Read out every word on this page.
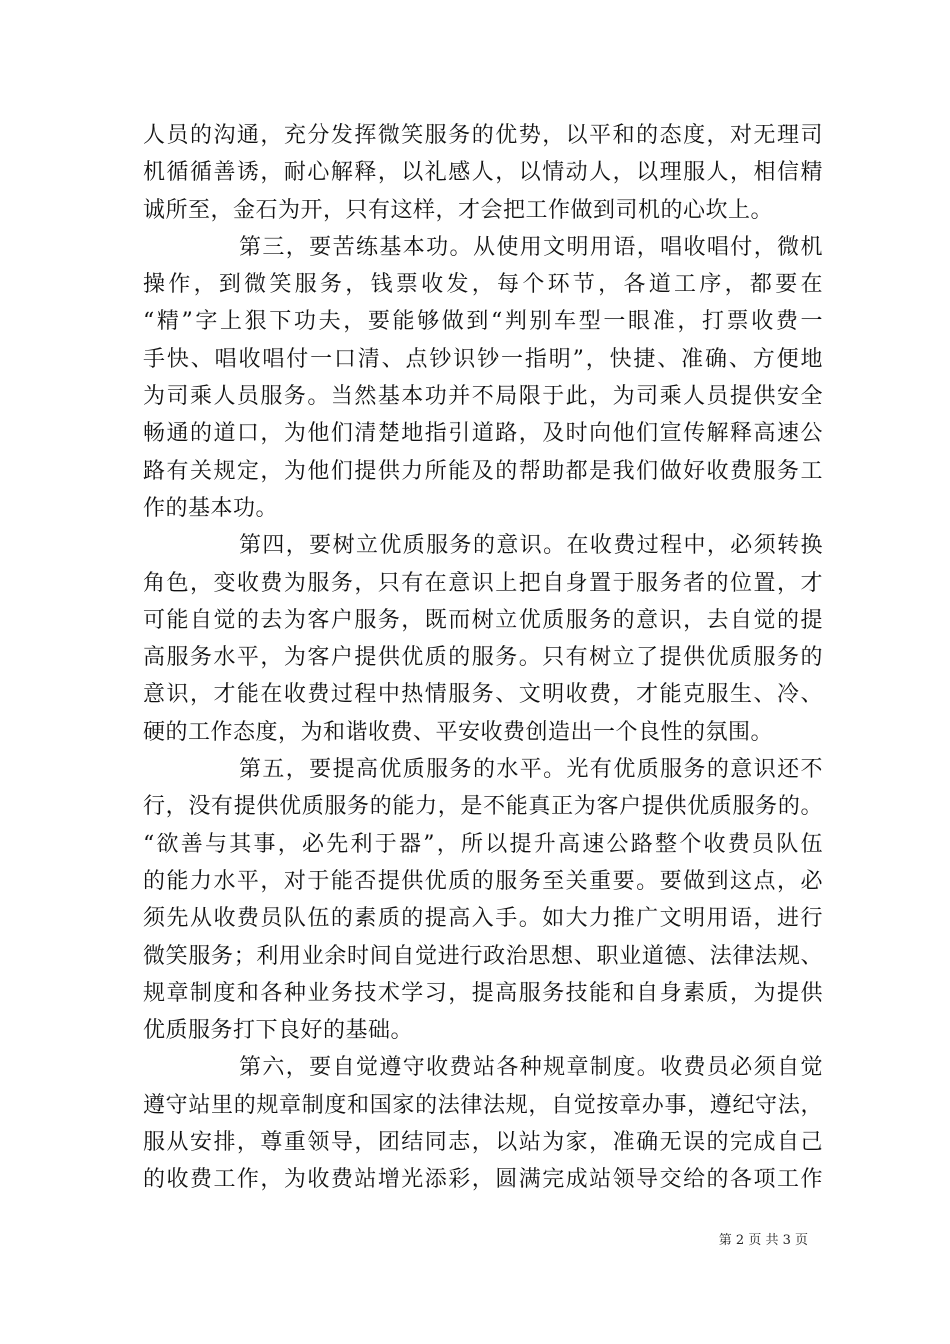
人员的沟通，充分发挥微笑服务的优势，以平和的态度，对无理司
机循循善诱，耐心解释，以礼感人，以情动人，以理服人，相信精
诚所至，金石为开，只有这样，才会把工作做到司机的心坎上。
第三，要苦练基本功。从使用文明用语，唱收唱付，微机
操作，到微笑服务，钱票收发，每个环节，各道工序，都要在
“精”字上狠下功夫，要能够做到“判别车型一眼准，打票收费一
手快、唱收唱付一口清、点钞识钞一指明”，快捷、准确、方便地
为司乘人员服务。当然基本功并不局限于此，为司乘人员提供安全
畅通的道口，为他们清楚地指引道路，及时向他们宣传解释高速公
路有关规定，为他们提供力所能及的帮助都是我们做好收费服务工
作的基本功。
第四，要树立优质服务的意识。在收费过程中，必须转换
角色，变收费为服务，只有在意识上把自身置于服务者的位置，才
可能自觉的去为客户服务，既而树立优质服务的意识，去自觉的提
高服务水平，为客户提供优质的服务。只有树立了提供优质服务的
意识，才能在收费过程中热情服务、文明收费，才能克服生、冷、
硬的工作态度，为和谐收费、平安收费创造出一个良性的氛围。
第五，要提高优质服务的水平。光有优质服务的意识还不
行，没有提供优质服务的能力，是不能真正为客户提供优质服务的。
“欲善与其事，必先利于器”，所以提升高速公路整个收费员队伍
的能力水平，对于能否提供优质的服务至关重要。要做到这点，必
须先从收费员队伍的素质的提高入手。如大力推广文明用语，进行
微笑服务；利用业余时间自觉进行政治思想、职业道德、法律法规、
规章制度和各种业务技术学习，提高服务技能和自身素质，为提供
优质服务打下良好的基础。
第六，要自觉遵守收费站各种规章制度。收费员必须自觉
遵守站里的规章制度和国家的法律法规，自觉按章办事，遵纪守法，
服从安排，尊重领导，团结同志，以站为家，准确无误的完成自己
的收费工作，为收费站增光添彩，圆满完成站领导交给的各项工作
第 2 页 共 3 页
